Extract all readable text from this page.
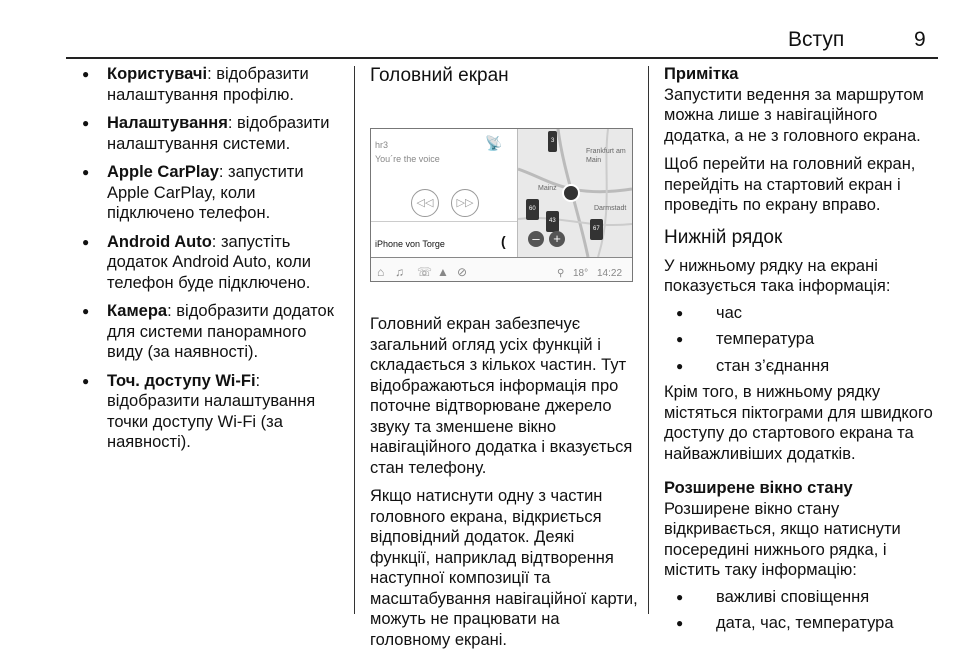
Вступ	9
● Користувачі: відобразити налаштування профілю.
● Налаштування: відобразити налаштування системи.
● Apple CarPlay: запустити Apple CarPlay, коли підключено телефон.
● Android Auto: запустіть додаток Android Auto, коли телефон буде підключено.
● Камера: відобразити додаток для системи панорамного виду (за наявності).
● Точ. доступу Wi-Fi: відобразити налаштування точки доступу Wi-Fi (за наявності).
Головний екран
hr3
You´re the voice
📡
◁◁	▷▷
iPhone von Torge	(
Frankfurt am Main
Mainz
Darmstadt
3
60
43
67
–	+
⌂ ♫ ☏ ▲ ⊘	⚲ 18° 14:22

Головний екран забезпечує загальний огляд усіх функцій і складається з кількох частин. Тут відображаються інформація про поточне відтворюване джерело звуку та зменшене вікно навігаційного додатка і вказується стан телефону.

Якщо натиснути одну з частин головного екрана, відкриється відповідний додаток. Деякі функції, наприклад відтворення наступної композиції та масштабування навігаційної карти, можуть не працювати на головному екрані.

Примітка

Запустити ведення за маршрутом можна лише з навігаційного додатка, а не з головного екрана.

Щоб перейти на головний екран, перейдіть на стартовий екран і проведіть по екрану вправо.

Нижній рядок

У нижньому рядку на екрані показується така інформація:

● час
● температура
● стан з’єднання

Крім того, в нижньому рядку містяться піктограми для швидкого доступу до стартового екрана та найважливіших додатків.

Розширене вікно стану

Розширене вікно стану відкривається, якщо натиснути посередині нижнього рядка, і містить таку інформацію:

● важливі сповіщення
● дата, час, температура
